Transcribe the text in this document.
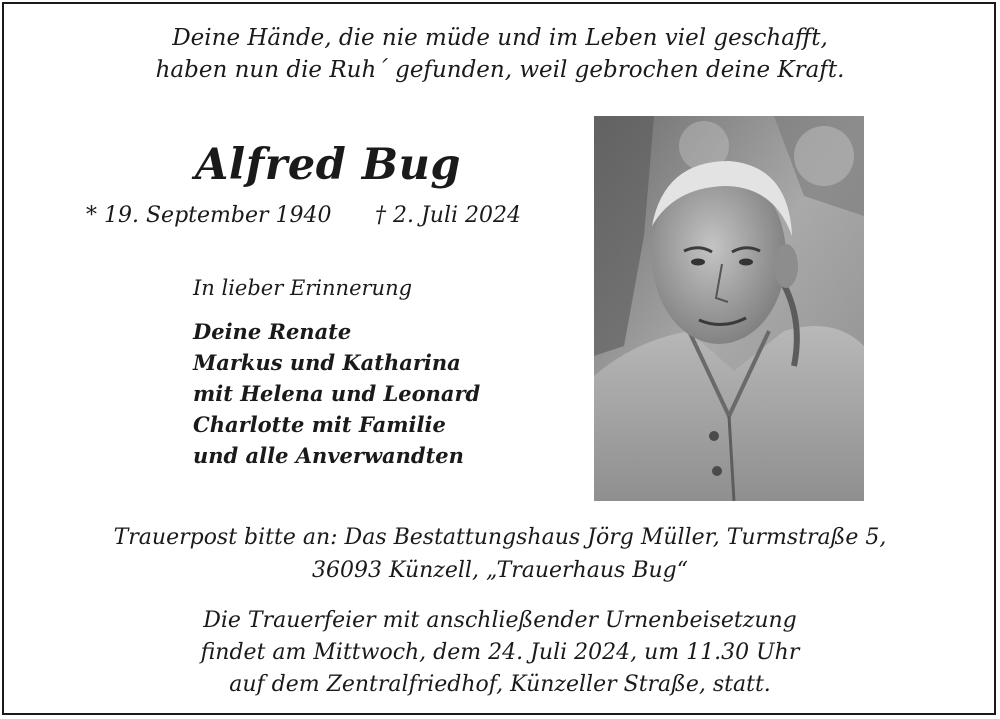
Deine Hände, die nie müde und im Leben viel geschafft,
haben nun die Ruh´ gefunden, weil gebrochen deine Kraft.
Alfred Bug
* 19. September 1940 † 2. Juli 2024
In lieber Erinnerung
Deine Renate
Markus und Katharina
mit Helena und Leonard
Charlotte mit Familie
und alle Anverwandten
Trauerpost bitte an: Das Bestattungshaus Jörg Müller, Turmstraße 5,
36093 Künzell, „Trauerhaus Bug“
Die Trauerfeier mit anschließender Urnenbeisetzung
findet am Mittwoch, dem 24. Juli 2024, um 11.30 Uhr
auf dem Zentralfriedhof, Künzeller Straße, statt.
